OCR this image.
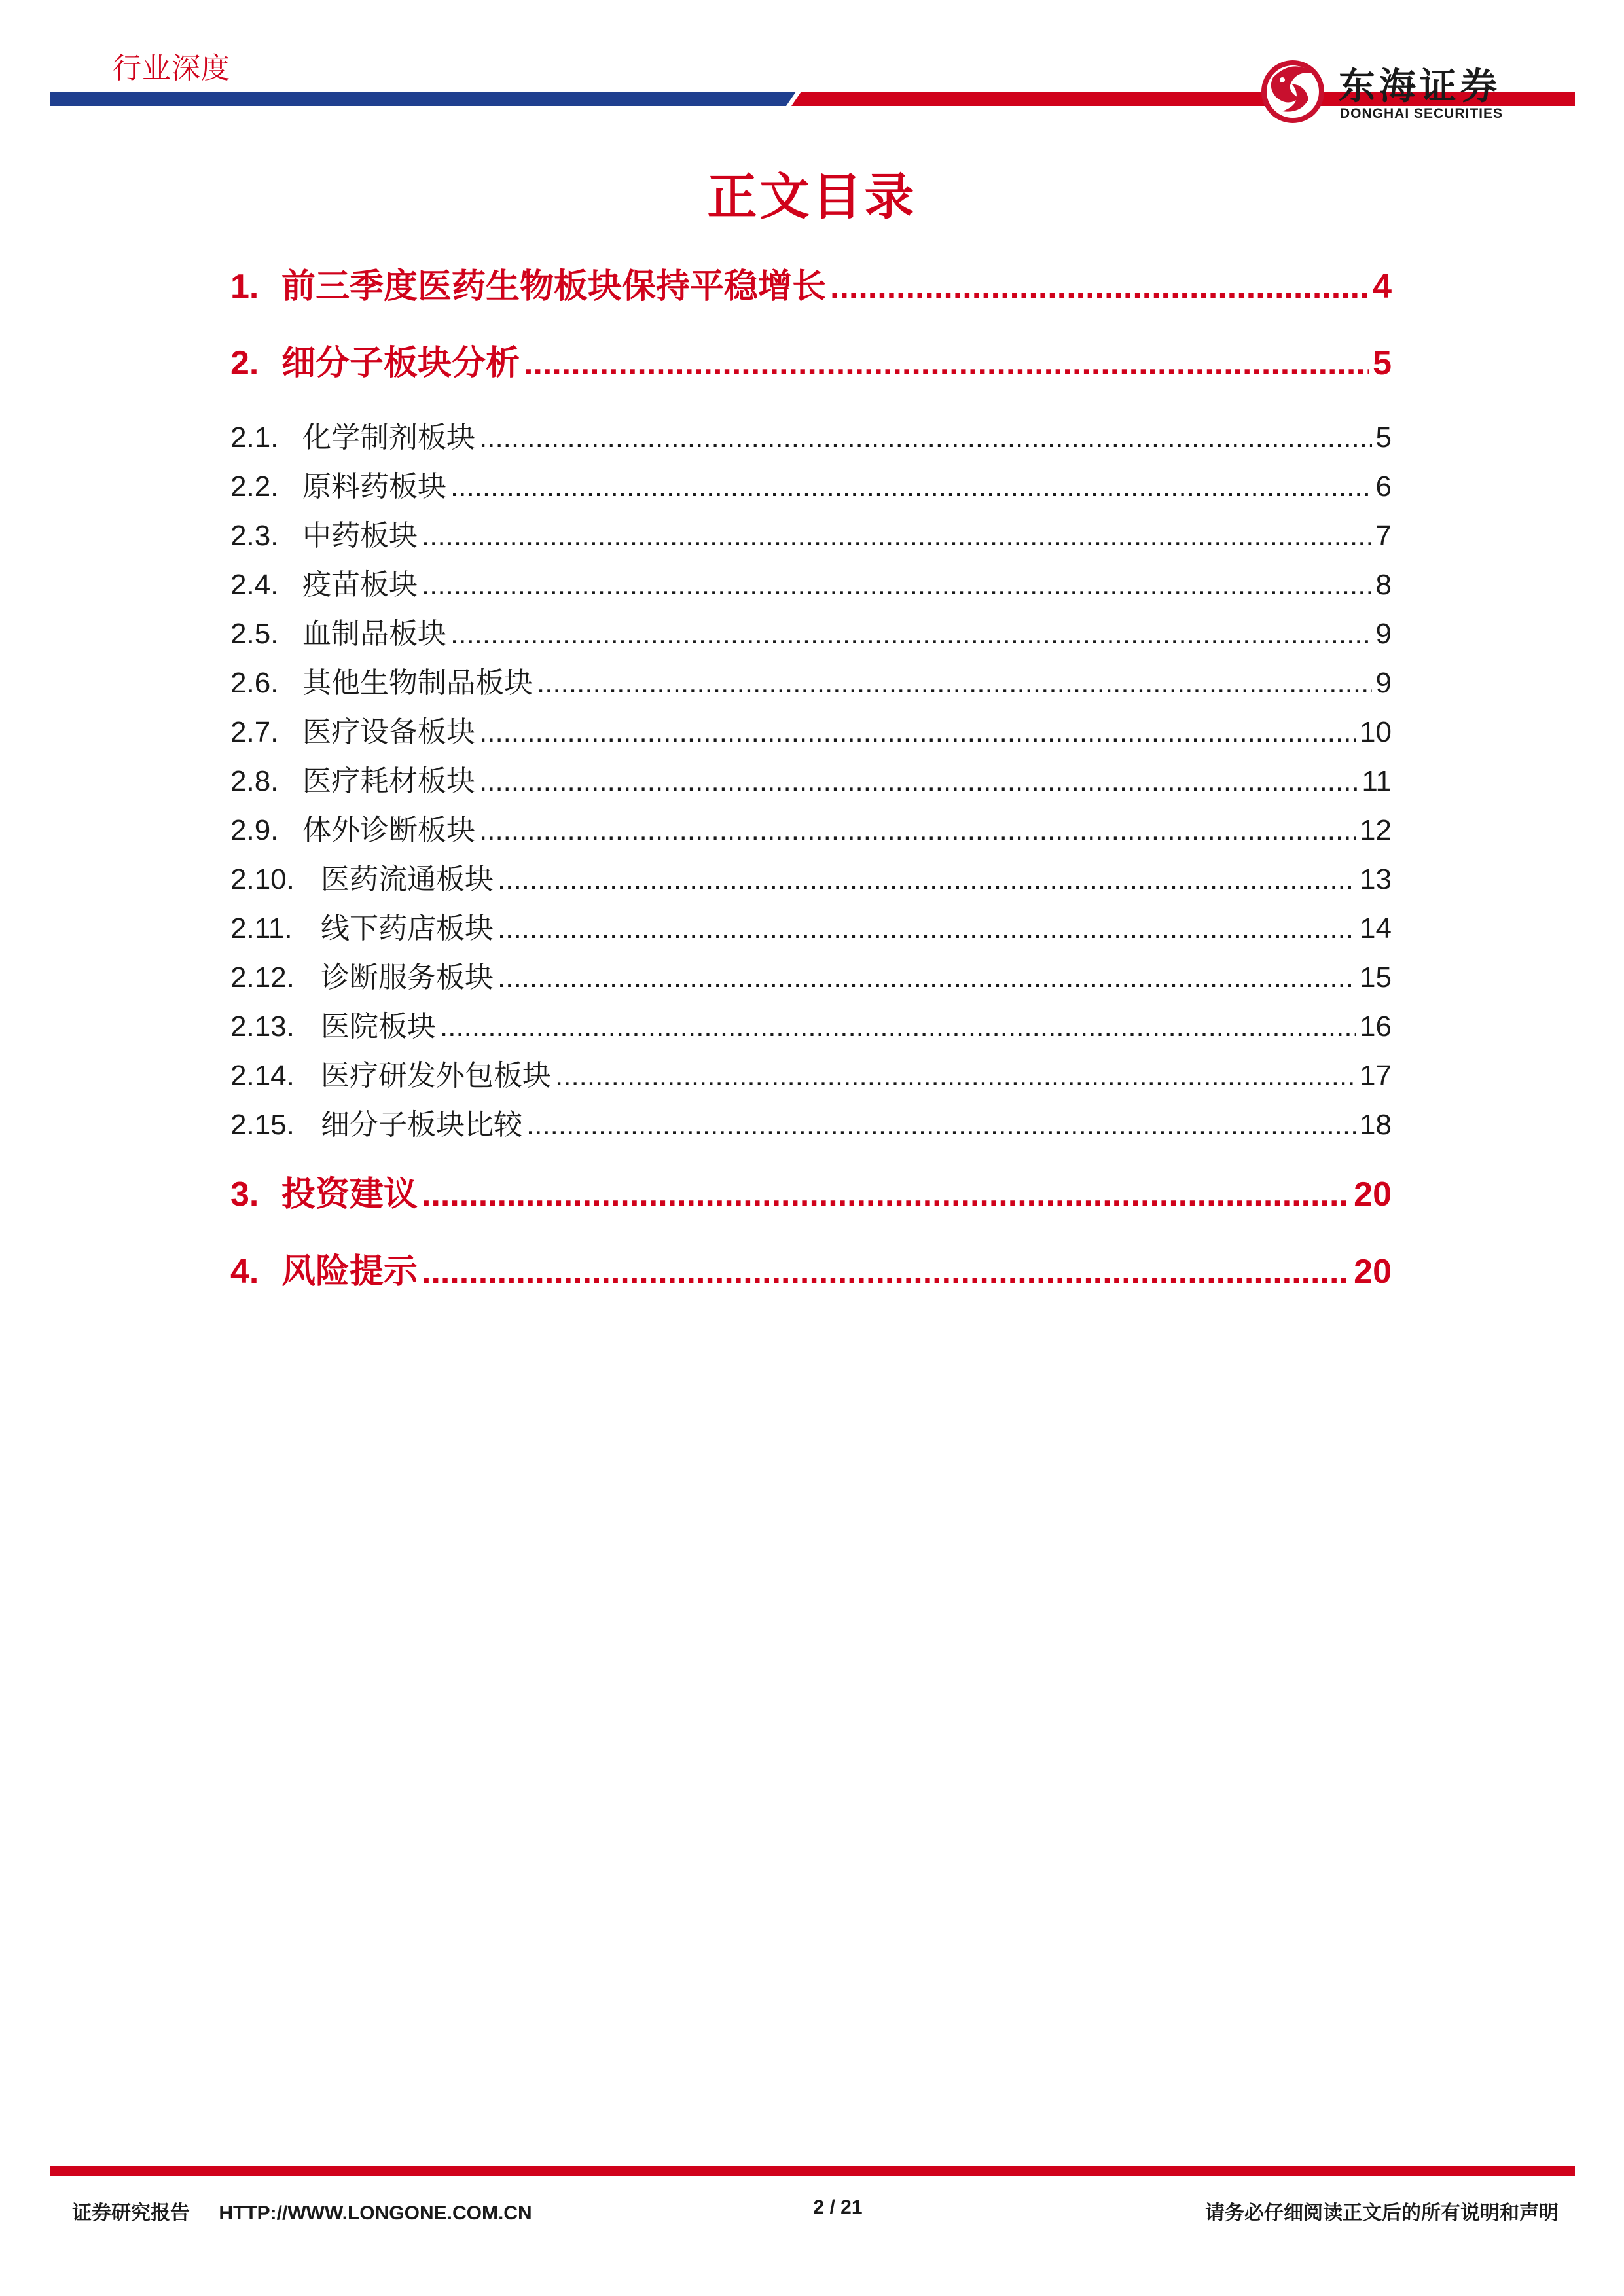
行业深度	东海证券
DONGHAI SECURITIES
正文目录
1. 前三季度医药生物板块保持平稳增长 .....	4
2. 细分子板块分析 .....	5
2.1. 化学制剂板块 .....	5
2.2. 原料药板块 .....	6
2.3. 中药板块 .....	7
2.4. 疫苗板块 .....	8
2.5. 血制品板块 .....	9
2.6. 其他生物制品板块 .....	9
2.7. 医疗设备板块 .....	10
2.8. 医疗耗材板块 .....	11
2.9. 体外诊断板块 .....	12
2.10. 医药流通板块 .....	13
2.11. 线下药店板块 .....	14
2.12. 诊断服务板块 .....	15
2.13. 医院板块 .....	16
2.14. 医疗研发外包板块 .....	17
2.15. 细分子板块比较 .....	18
3. 投资建议 .....	20
4. 风险提示 .....	20
证券研究报告 HTTP://WWW.LONGONE.COM.CN	2 / 21	请务必仔细阅读正文后的所有说明和声明
